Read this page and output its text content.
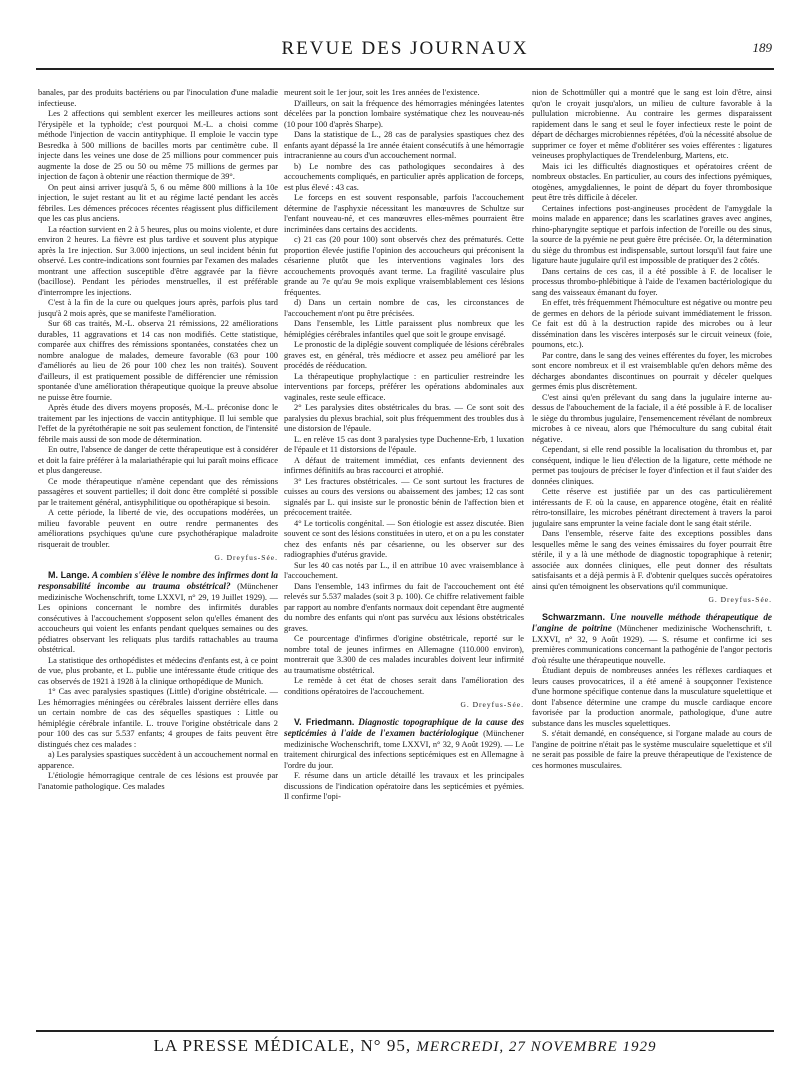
REVUE DES JOURNAUX	189

banales, par des produits bactériens ou par l'inoculation d'une maladie infectieuse.

Les 2 affections qui semblent exercer les meilleures actions sont l'érysipèle et la typhoïde; c'est pourquoi M.-L. a choisi comme méthode l'injection de vaccin antityphique. Il emploie le vaccin type Besredka à 500 millions de bacilles morts par centimètre cube. Il injecte dans les veines une dose de 25 millions pour commencer puis augmente la dose de 25 ou 50 ou même 75 millions de germes par injection de façon à obtenir une réaction thermique de 39°.

On peut ainsi arriver jusqu'à 5, 6 ou même 800 millions à la 10e injection, le sujet restant au lit et au régime lacté pendant les accès fébriles. Les démences précoces récentes réagissent plus difficilement que les cas plus anciens.

La réaction survient en 2 à 5 heures, plus ou moins violente, et dure environ 2 heures. La fièvre est plus tardive et souvent plus atypique après la 1re injection. Sur 3.000 injections, un seul incident bénin fut observé. Les contre-indications sont fournies par l'examen des malades montrant une affection susceptible d'être aggravée par la fièvre (bacillose). Pendant les périodes menstruelles, il est préférable d'interrompre les injections.

C'est à la fin de la cure ou quelques jours après, parfois plus tard jusqu'à 2 mois après, que se manifeste l'amélioration.

Sur 68 cas traités, M.-L. observa 21 rémissions, 22 améliorations durables, 11 aggravations et 14 cas non modifiés. Cette statistique, comparée aux chiffres des rémissions spontanées, constatées chez un nombre analogue de malades, demeure favorable (63 pour 100 d'améliorés au lieu de 26 pour 100 chez les non traités). Souvent d'ailleurs, il est pratiquement possible de différencier une rémission spontanée d'une amélioration thérapeutique quoique la preuve absolue ne puisse être fournie.

Après étude des divers moyens proposés, M.-L. préconise donc le traitement par les injections de vaccin antityphique. Il lui semble que l'effet de la pyrétothérapie ne soit pas seulement fonction, de l'intensité fébrile mais aussi de son mode de détermination.

En outre, l'absence de danger de cette thérapeutique est à considérer et doit la faire préférer à la malariathérapie qui lui paraît moins efficace et plus dangereuse.

Ce mode thérapeutique n'amène cependant que des rémissions passagères et souvent partielles; il doit donc être complété si possible par le traitement général, antisyphilitique ou opothérapique si besoin.

A cette période, la liberté de vie, des occupations modérées, un milieu favorable peuvent en outre rendre permanentes des améliorations psychiques qu'une cure psychothérapique maladroite risquerait de troubler.

G. Dreyfus-Sée.

M. Lange. A combien s'élève le nombre des infirmes dont la responsabilité incombe au trauma obstétrical? (Münchener medizinische Wochenschrift, tome LXXVI, n° 29, 19 Juillet 1929). — Les opinions concernant le nombre des infirmités durables consécutives à l'accouchement s'opposent selon qu'elles émanent des accoucheurs qui voient les enfants pendant quelques semaines ou des pédiatres observant les reliquats plus tardifs rattachables au trauma obstétrical.

La statistique des orthopédistes et médecins d'enfants est, à ce point de vue, plus probante, et L. publie une intéressante étude critique des cas observés de 1921 à 1928 à la clinique orthopédique de Munich.

1° Cas avec paralysies spastiques (Little) d'origine obstétricale. — Les hémorragies méningées ou cérébrales laissent derrière elles dans un certain nombre de cas des séquelles spastiques : Little ou hémiplégie cérébrale infantile. L. trouve l'origine obstétricale dans 2 pour 100 des cas sur 5.537 enfants; 4 groupes de faits peuvent être distingués chez ces malades :

a) Les paralysies spastiques succèdent à un accouchement normal en apparence.

L'étiologie hémorragique centrale de ces lésions est prouvée par l'anatomie pathologique. Ces malades

meurent soit le 1er jour, soit les 1res années de l'existence.

D'ailleurs, on sait la fréquence des hémorragies méningées latentes décelées par la ponction lombaire systématique chez les nouveau-nés (10 pour 100 d'après Sharpe).

Dans la statistique de L., 28 cas de paralysies spastiques chez des enfants ayant dépassé la 1re année étaient consécutifs à une hémorragie intracranienne au cours d'un accouchement normal.

b) Le nombre des cas pathologiques secondaires à des accouchements compliqués, en particulier après application de forceps, est plus élevé : 43 cas.

Le forceps en est souvent responsable, parfois l'accouchement détermine de l'asphyxie nécessitant les manœuvres de Schultze sur l'enfant nouveau-né, et ces manœuvres elles-mêmes pourraient être incriminées dans certains des accidents.

c) 21 cas (20 pour 100) sont observés chez des prématurés. Cette proportion élevée justifie l'opinion des accoucheurs qui préconisent la césarienne plutôt que les interventions vaginales lors des accouchements provoqués avant terme. La fragilité vasculaire plus grande au 7e qu'au 9e mois explique vraisemblablement ces lésions fréquentes.

d) Dans un certain nombre de cas, les circonstances de l'accouchement n'ont pu être précisées.

Dans l'ensemble, les Little paraissent plus nombreux que les hémiplégies cérébrales infantiles quel que soit le groupe envisagé.

Le pronostic de la diplégie souvent compliquée de lésions cérébrales graves est, en général, très médiocre et assez peu amélioré par les procédés de rééducation.

La thérapeutique prophylactique : en particulier restreindre les interventions par forceps, préférer les opérations abdominales aux vaginales, reste seule efficace.

2° Les paralysies dites obstétricales du bras. — Ce sont soit des paralysies du plexus brachial, soit plus fréquemment des troubles dus à une distorsion de l'épaule.

L. en relève 15 cas dont 3 paralysies type Duchenne-Erb, 1 luxation de l'épaule et 11 distorsions de l'épaule.

A défaut de traitement immédiat, ces enfants deviennent des infirmes définitifs au bras raccourci et atrophié.

3° Les fractures obstétricales. — Ce sont surtout les fractures de cuisses au cours des versions ou abaissement des jambes; 12 cas sont signalés par L. qui insiste sur le pronostic bénin de l'affection bien et précocement traitée.

4° Le torticolis congénital. — Son étiologie est assez discutée. Bien souvent ce sont des lésions constituées in utero, et on a pu les constater chez des enfants nés par césarienne, ou les observer sur des radiographies d'utérus gravide.

Sur les 40 cas notés par L., il en attribue 10 avec vraisemblance à l'accouchement.

Dans l'ensemble, 143 infirmes du fait de l'accouchement ont été relevés sur 5.537 malades (soit 3 p. 100). Ce chiffre relativement faible par rapport au nombre d'enfants normaux doit cependant être augmenté du nombre des enfants qui n'ont pas survécu aux lésions obstétricales graves.

Ce pourcentage d'infirmes d'origine obstétricale, reporté sur le nombre total de jeunes infirmes en Allemagne (110.000 environ), montrerait que 3.300 de ces malades incurables doivent leur infirmité au traumatisme obstétrical.

Le remède à cet état de choses serait dans l'amélioration des conditions opératoires de l'accouchement.

G. Dreyfus-Sée.

V. Friedmann. Diagnostic topographique de la cause des septicémies à l'aide de l'examen bactériologique (Münchener medizinische Wochenschrift, tome LXXVI, n° 32, 9 Août 1929). — Le traitement chirurgical des infections septicémiques est en Allemagne à l'ordre du jour.

F. résume dans un article détaillé les travaux et les principales discussions de l'indication opératoire dans les septicémies et pyémies. Il confirme l'opi-

nion de Schottmüller qui a montré que le sang est loin d'être, ainsi qu'on le croyait jusqu'alors, un milieu de culture favorable à la pullulation microbienne. Au contraire les germes disparaissent rapidement dans le sang et seul le foyer infectieux reste le point de départ de décharges microbiennes répétées, d'où la nécessité absolue de supprimer ce foyer et même d'oblitérer ses voies efférentes : ligatures veineuses prophylactiques de Trendelenburg, Martens, etc.

Mais ici les difficultés diagnostiques et opératoires créent de nombreux obstacles. En particulier, au cours des infections pyémiques, otogènes, amygdaliennes, le point de départ du foyer thrombosique peut être très difficile à déceler.

Certaines infections post-angineuses procèdent de l'amygdale la moins malade en apparence; dans les scarlatines graves avec angines, rhino-pharyngite septique et parfois infection de l'oreille ou des sinus, la source de la pyémie ne peut guère être précisée. Or, la détermination du siège du thrombus est indispensable, surtout lorsqu'il faut faire une ligature haute jugulaire qu'il est impossible de pratiquer des 2 côtés.

Dans certains de ces cas, il a été possible à F. de localiser le processus thrombo-phlébitique à l'aide de l'examen bactériologique du sang des vaisseaux émanant du foyer.

En effet, très fréquemment l'hémoculture est négative ou montre peu de germes en dehors de la période suivant immédiatement le frisson. Ce fait est dû à la destruction rapide des microbes ou à leur dissémination dans les viscères interposés sur le circuit veineux (foie, poumons, etc.).

Par contre, dans le sang des veines efférentes du foyer, les microbes sont encore nombreux et il est vraisemblable qu'en dehors même des décharges abondantes discontinues on pourrait y déceler quelques germes émis plus discrètement.

C'est ainsi qu'en prélevant du sang dans la jugulaire interne au-dessus de l'abouchement de la faciale, il a été possible à F. de localiser le siège du thrombus jugulaire, l'ensemencement révélant de nombreux microbes à ce niveau, alors que l'hémoculture du sang cubital était négative.

Cependant, si elle rend possible la localisation du thrombus et, par conséquent, indique le lieu d'élection de la ligature, cette méthode ne permet pas toujours de préciser le foyer d'infection et il faut s'aider des données cliniques.

Cette réserve est justifiée par un des cas particulièrement intéressants de F. où la cause, en apparence otogène, était en réalité rétro-tonsillaire, les microbes pénétrant directement à travers la paroi jugulaire sans emprunter la veine faciale dont le sang était stérile.

Dans l'ensemble, réserve faite des exceptions possibles dans lesquelles même le sang des veines émissaires du foyer pourrait être stérile, il y a là une méthode de diagnostic topographique à retenir; associée aux données cliniques, elle peut donner des résultats satisfaisants et a déjà permis à F. d'obtenir quelques succès opératoires ainsi qu'en témoignent les observations qu'il communique.

G. Dreyfus-Sée.

Schwarzmann. Une nouvelle méthode thérapeutique de l'angine de poitrine (Münchener medizinische Wochenschrift, t. LXXVI, n° 32, 9 Août 1929). — S. résume et confirme ici ses premières communications concernant la pathogénie de l'angor pectoris d'où résulte une thérapeutique nouvelle.

Étudiant depuis de nombreuses années les réflexes cardiaques et leurs causes provocatrices, il a été amené à soupçonner l'existence d'une hormone spécifique contenue dans la musculature squelettique et dont l'absence détermine une crampe du muscle cardiaque encore favorisée par la production anormale, pathologique, d'une autre substance dans les muscles squelettiques.

S. s'était demandé, en conséquence, si l'organe malade au cours de l'angine de poitrine n'était pas le système musculaire squelettique et s'il ne serait pas possible de faire la preuve thérapeutique de l'existence de ces hormones musculaires.

LA PRESSE MÉDICALE, N° 95, MERCREDI, 27 NOVEMBRE 1929
